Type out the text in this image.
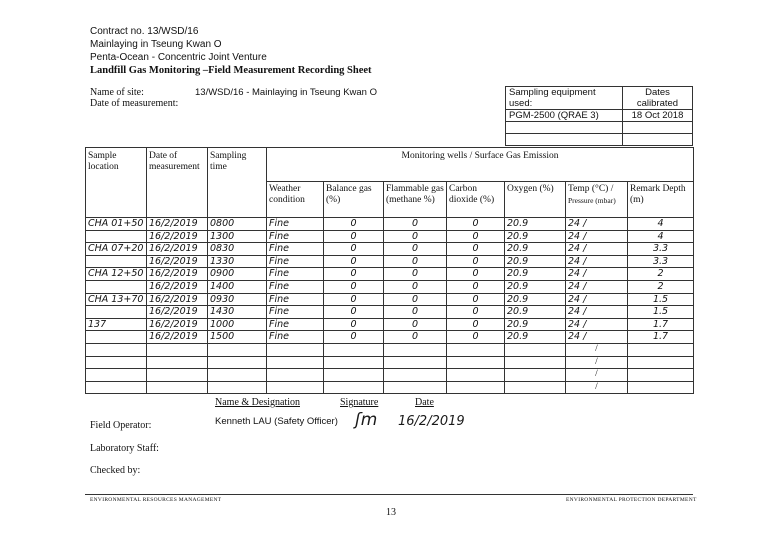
Contract no. 13/WSD/16
Mainlaying in Tseung Kwan O
Penta-Ocean - Concentric Joint Venture
Landfill Gas Monitoring –Field Measurement Recording Sheet
Name of site:	13/WSD/16 - Mainlaying in Tseung Kwan O
Date of measurement:
Sampling equipment used:	Dates calibrated
PGM-2500 (QRAE 3)	18 Oct 2018

Sample location	Date of measurement	Sampling time	Monitoring wells / Surface Gas Emission						
			Weather condition	Balance gas (%)	Flammable gas (methane %)	Carbon dioxide (%)	Oxygen (%)	Temp (°C) /
Pressure (mbar)	Remark Depth (m)
CHA 01+50	16/2/2019	0800	Fine	0	0	0	20.9	24 /	4
	16/2/2019	1300	Fine	0	0	0	20.9	24 /	4
CHA 07+20	16/2/2019	0830	Fine	0	0	0	20.9	24 /	3.3
	16/2/2019	1330	Fine	0	0	0	20.9	24 /	3.3
CHA 12+50	16/2/2019	0900	Fine	0	0	0	20.9	24 /	2
	16/2/2019	1400	Fine	0	0	0	20.9	24 /	2
CHA 13+70	16/2/2019	0930	Fine	0	0	0	20.9	24 /	1.5
	16/2/2019	1430	Fine	0	0	0	20.9	24 /	1.5
137	16/2/2019	1000	Fine	0	0	0	20.9	24 /	1.7
	16/2/2019	1500	Fine	0	0	0	20.9	24 /	1.7
								/	
								/	
								/	
								/	
Name & Designation	Signature	Date
Field Operator:	Kenneth LAU (Safety Officer) ʃm 16/2/2019
Laboratory Staff:
Checked by:
ENVIRONMENTAL RESOURCES MANAGEMENT	ENVIRONMENTAL PROTECTION DEPARTMENT
13
